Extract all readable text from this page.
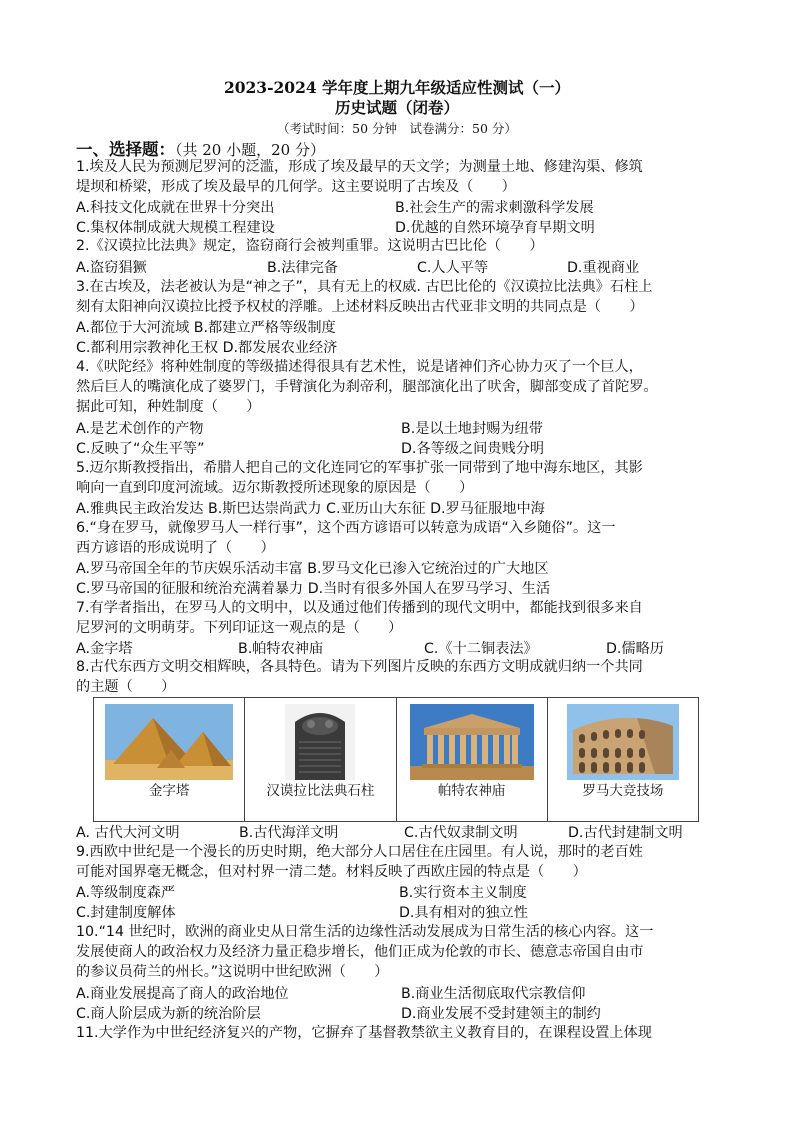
2023-2024 学年度上期九年级适应性测试（一）
历史试题（闭卷）
（考试时间：50 分钟　试卷满分：50 分）
一、选择题：（共 20 小题，20 分）
1.埃及人民为预测尼罗河的泛滥，形成了埃及最早的天文学；为测量土地、修建沟渠、修筑
堤坝和桥梁，形成了埃及最早的几何学。这主要说明了古埃及（　　）
A.科技文化成就在世界十分突出	B.社会生产的需求刺激科学发展
C.集权体制成就大规模工程建设	D.优越的自然环境孕育早期文明
2.《汉谟拉比法典》规定，盗窃商行会被判重罪。这说明古巴比伦（　　）
A.盗窃猖獗	B.法律完备	C.人人平等	D.重视商业
3.在古埃及，法老被认为是“神之子”，具有无上的权威. 古巴比伦的《汉谟拉比法典》石柱上
刻有太阳神向汉谟拉比授予权杖的浮雕。上述材料反映出古代亚非文明的共同点是（　　）
A.都位于大河流域 B.都建立严格等级制度
C.都利用宗教神化王权 D.都发展农业经济
4.《吠陀经》将种姓制度的等级描述得很具有艺术性，说是诸神们齐心协力灭了一个巨人，
然后巨人的嘴演化成了婆罗门，手臂演化为刹帝利，腿部演化出了吠舍，脚部变成了首陀罗。
据此可知，种姓制度（　　）
A.是艺术创作的产物	B.是以土地封赐为纽带
C.反映了“众生平等”	D.各等级之间贵贱分明
5.迈尔斯教授指出，希腊人把自己的文化连同它的军事扩张一同带到了地中海东地区，其影
响向一直到印度河流域。迈尔斯教授所述现象的原因是（　　）
A.雅典民主政治发达 B.斯巴达崇尚武力 C.亚历山大东征 D.罗马征服地中海
6.“身在罗马，就像罗马人一样行事”，这个西方谚语可以转意为成语“入乡随俗”。这一
西方谚语的形成说明了（　　）
A.罗马帝国全年的节庆娱乐活动丰富 B.罗马文化已渗入它统治过的广大地区
C.罗马帝国的征服和统治充满着暴力 D.当时有很多外国人在罗马学习、生活
7.有学者指出，在罗马人的文明中，以及通过他们传播到的现代文明中，都能找到很多来自
尼罗河的文明萌芽。下列印证这一观点的是（　　）
A.金字塔	B.帕特农神庙	C.《十二铜表法》	D.儒略历
8.古代东西方文明交相辉映，各具特色。请为下列图片反映的东西方文明成就归纳一个共同
的主题（　　）
金字塔	汉谟拉比法典石柱	帕特农神庙	罗马大竞技场
A. 古代大河文明	B.古代海洋文明	C.古代奴隶制文明	D.古代封建制文明
9.西欧中世纪是一个漫长的历史时期，绝大部分人口居住在庄园里。有人说，那时的老百姓
可能对国界毫无概念，但对村界一清二楚。材料反映了西欧庄园的特点是（　　）
A.等级制度森严	B.实行资本主义制度
C.封建制度解体	D.具有相对的独立性
10.“14 世纪时，欧洲的商业史从日常生活的边缘性活动发展成为日常生活的核心内容。这一
发展使商人的政治权力及经济力量正稳步增长，他们正成为伦敦的市长、德意志帝国自由市
的参议员荷兰的州长。”这说明中世纪欧洲（　　）
A.商业发展提高了商人的政治地位	B.商业生活彻底取代宗教信仰
C.商人阶层成为新的统治阶层	D.商业发展不受封建领主的制约
11.大学作为中世纪经济复兴的产物，它摒弃了基督教禁欲主义教育目的，在课程设置上体现
